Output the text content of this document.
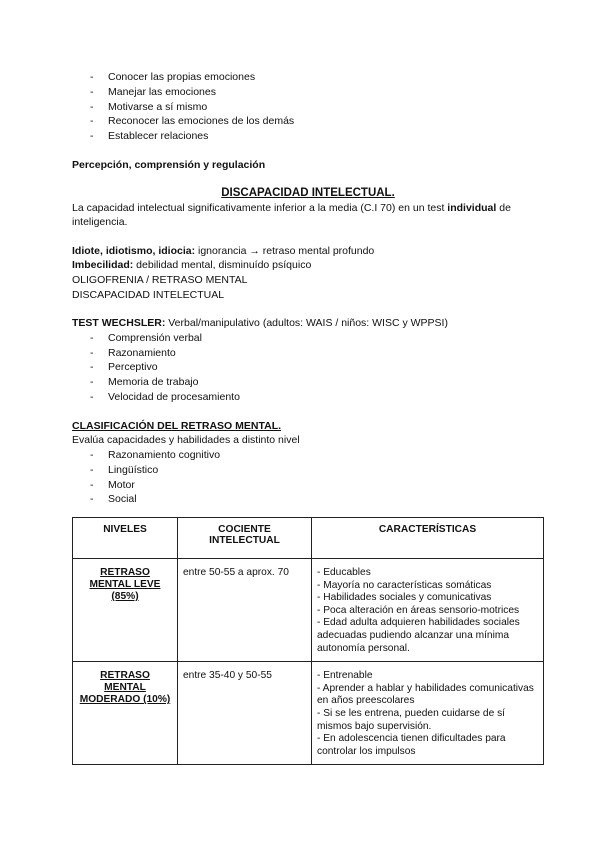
- Conocer las propias emociones
- Manejar las emociones
- Motivarse a sí mismo
- Reconocer las emociones de los demás
- Establecer relaciones

Percepción, comprensión y regulación

DISCAPACIDAD INTELECTUAL.

La capacidad intelectual significativamente inferior a la media (C.I 70) en un test individual de inteligencia.

Idiote, idiotismo, idiocia: ignorancia → retraso mental profundo

Imbecilidad: debilidad mental, disminuído psíquico

OLIGOFRENIA / RETRASO MENTAL

DISCAPACIDAD INTELECTUAL

TEST WECHSLER: Verbal/manipulativo (adultos: WAIS / niños: WISC y WPPSI)

- Comprensión verbal
- Razonamiento
- Perceptivo
- Memoria de trabajo
- Velocidad de procesamiento

CLASIFICACIÓN DEL RETRASO MENTAL.

Evalúa capacidades y habilidades a distinto nivel

- Razonamiento cognitivo
- Lingüístico
- Motor
- Social
NIVELES	COCIENTE INTELECTUAL	CARACTERÍSTICAS
RETRASO MENTAL LEVE (85%)	entre 50-55 a aprox. 70	- Educables
- Mayoría no características somáticas
- Habilidades sociales y comunicativas
- Poca alteración en áreas sensorio-motrices
- Edad adulta adquieren habilidades sociales adecuadas pudiendo alcanzar una mínima autonomía personal.

RETRASO MENTAL MODERADO (10%)	entre 35-40 y 50-55	- Entrenable
- Aprender a hablar y habilidades comunicativas en años preescolares
- Si se les entrena, pueden cuidarse de sí mismos bajo supervisión.
- En adolescencia tienen dificultades para controlar los impulsos
